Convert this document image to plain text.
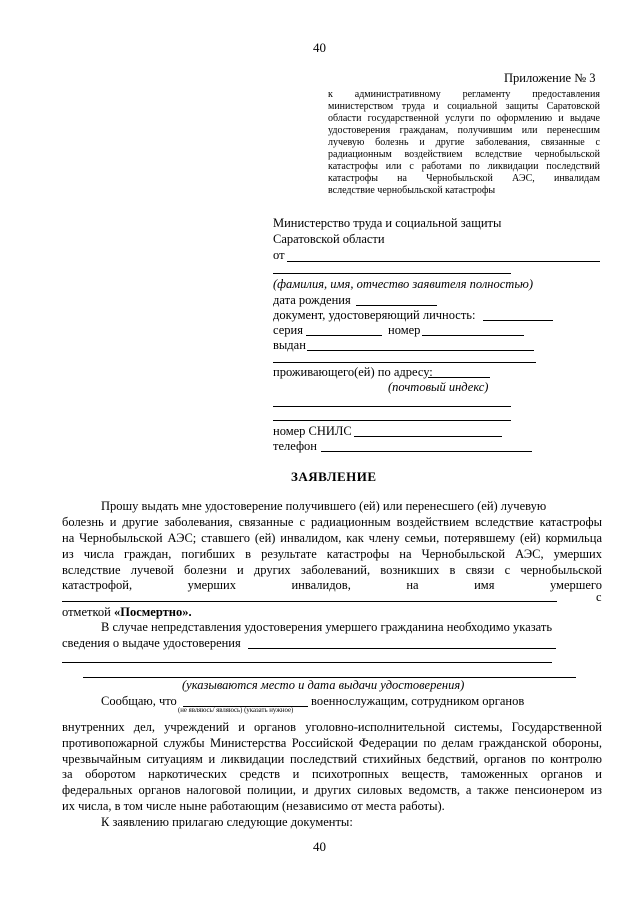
40
Приложение № 3
к административному регламенту предоставления
министерством труда и социальной защиты Саратовской
области государственной услуги по оформлению и выдаче
удостоверения гражданам, получившим или перенесшим
лучевую болезнь и другие заболевания, связанные с
радиационным воздействием вследствие чернобыльской
катастрофы или с работами по ликвидации последствий
катастрофы на Чернобыльской АЭС, инвалидам
вследствие чернобыльской катастрофы
Министерство труда и социальной защиты
Саратовской области
от
(фамилия, имя, отчество заявителя полностью)
дата рождения
документ, удостоверяющий личность:
серия	номер
выдан
проживающего(ей) по адресу:
(почтовый индекс)
номер СНИЛС
телефон
ЗАЯВЛЕНИЕ
Прошу выдать мне удостоверение получившего (ей) или перенесшего (ей) лучевую
болезнь и другие заболевания, связанные с радиационным воздействием вследствие катастрофы
на Чернобыльской АЭС; ставшего (ей) инвалидом, как члену семьи, потерявшему (ей) кормильца
из числа граждан, погибших в результате катастрофы на Чернобыльской АЭС, умерших
вследствие лучевой болезни и других заболеваний, возникших в связи с чернобыльской
катастрофой, умерших инвалидов, на имя умершего
с
отметкой «Посмертно».
В случае непредставления удостоверения умершего гражданина необходимо указать
сведения о выдаче удостоверения
(указываются место и дата выдачи удостоверения)
Сообщаю, что	военнослужащим, сотрудником органов
(не являюсь/ являюсь) (указать нужное)
внутренних дел, учреждений и органов уголовно-исполнительной системы, Государственной
противопожарной службы Министерства Российской Федерации по делам гражданской обороны,
чрезвычайным ситуациям и ликвидации последствий стихийных бедствий, органов по контролю
за оборотом наркотических средств и психотропных веществ, таможенных органов и
федеральных органов налоговой полиции, и других силовых ведомств, а также пенсионером из
их числа, в том числе ныне работающим (независимо от места работы).
К заявлению прилагаю следующие документы:
40
